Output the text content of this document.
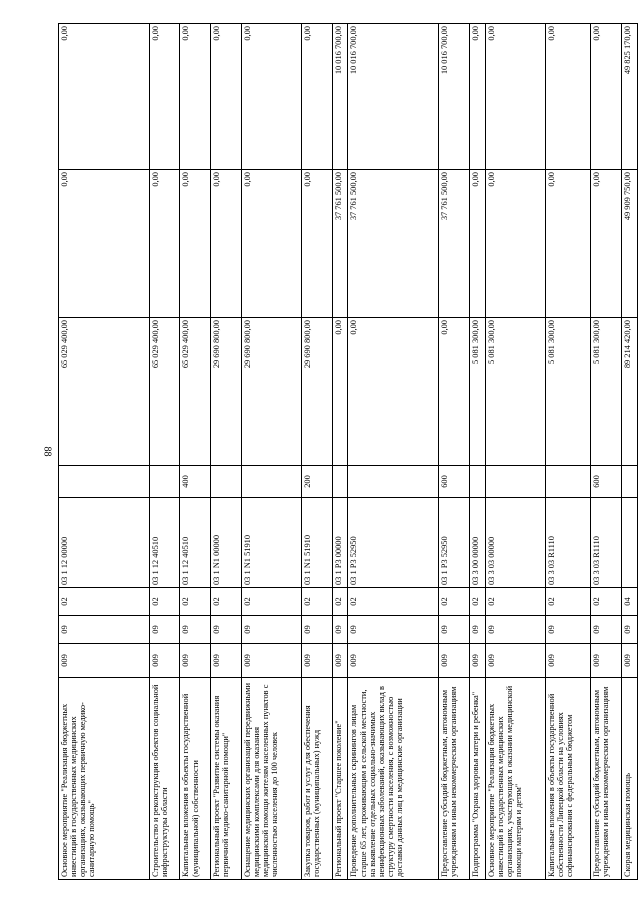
88
Основное мероприятие "Реализация бюджетных инвестиций в государственных медицинских организациях, оказывающих первичную медико-санитарную помощь"	009	09	02	03 1 12 00000		65 029 400,00	0,00	0,00
Строительство и реконструкция объектов социальной инфраструктуры области	009	09	02	03 1 12 40510		65 029 400,00	0,00	0,00
Капитальные вложения в объекты государственной (муниципальной) собственности	009	09	02	03 1 12 40510	400	65 029 400,00	0,00	0,00
Региональный проект "Развитие системы оказания первичной медико-санитарной помощи"	009	09	02	03 1 N1 00000		29 690 800,00	0,00	0,00
Оснащение медицинских организаций передвижными медицинскими комплексами для оказания медицинской помощи жителям населенных пунктов с численностью населения до 100 человек	009	09	02	03 1 N1 51910		29 690 800,00	0,00	0,00
Закупка товаров, работ и услуг для обеспечения государственных (муниципальных) нужд	009	09	02	03 1 N1 51910	200	29 690 800,00	0,00	0,00
Региональный проект "Старшее поколение"	009	09	02	03 1 P3 00000		0,00	37 761 500,00	10 016 700,00
Проведение дополнительных скринингов лицам старше 65 лет, проживающим в сельской местности, на выявление отдельных социально-значимых неинфекционных заболеваний, оказывающих вклад в структуру смертности населения, с возможностью доставки данных лиц в медицинские организации	009	09	02	03 1 P3 52950		0,00	37 761 500,00	10 016 700,00
Предоставление субсидий бюджетным, автономным учреждениям и иным некоммерческим организациям	009	09	02	03 1 P3 52950	600	0,00	37 761 500,00	10 016 700,00
Подпрограмма "Охрана здоровья матери и ребенка"	009	09	02	03 3 00 00000		5 081 300,00	0,00	0,00
Основное мероприятие "Реализация бюджетных инвестиций в государственных медицинских организациях, участвующих в оказании медицинской помощи матерям и детям"	009	09	02	03 3 03 00000		5 081 300,00	0,00	0,00
Капитальные вложения в объекты государственной собственности Липецкой области на условиях софинансирования с федеральным бюджетом	009	09	02	03 3 03 R1110		5 081 300,00	0,00	0,00
Предоставление субсидий бюджетным, автономным учреждениям и иным некоммерческим организациям	009	09	02	03 3 03 R1110	600	5 081 300,00	0,00	0,00
Скорая медицинская помощь	009	09	04			89 214 420,00	49 909 750,00	49 825 170,00
